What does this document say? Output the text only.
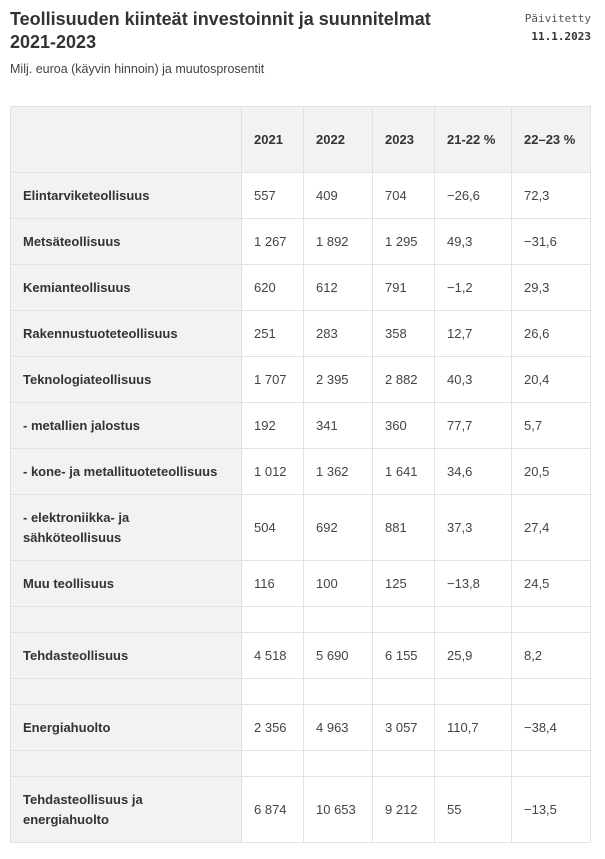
Teollisuuden kiinteät investoinnit ja suunnitelmat 2021-2023
Milj. euroa (käyvin hinnoin) ja muutosprosentit
Päivitetty
11.1.2023
	2021	2022	2023	21-22 %	22–23 %
Elintarviketeollisuus	557	409	704	−26,6	72,3
Metsäteollisuus	1 267	1 892	1 295	49,3	−31,6
Kemianteollisuus	620	612	791	−1,2	29,3
Rakennustuoteteollisuus	251	283	358	12,7	26,6
Teknologiateollisuus	1 707	2 395	2 882	40,3	20,4
- metallien jalostus	192	341	360	77,7	5,7
- kone- ja metallituoteteollisuus	1 012	1 362	1 641	34,6	20,5
- elektroniikka- ja sähköteollisuus	504	692	881	37,3	27,4
Muu teollisuus	116	100	125	−13,8	24,5

Tehdasteollisuus	4 518	5 690	6 155	25,9	8,2

Energiahuolto	2 356	4 963	3 057	110,7	−38,4

Tehdasteollisuus ja energiahuolto	6 874	10 653	9 212	55	−13,5
